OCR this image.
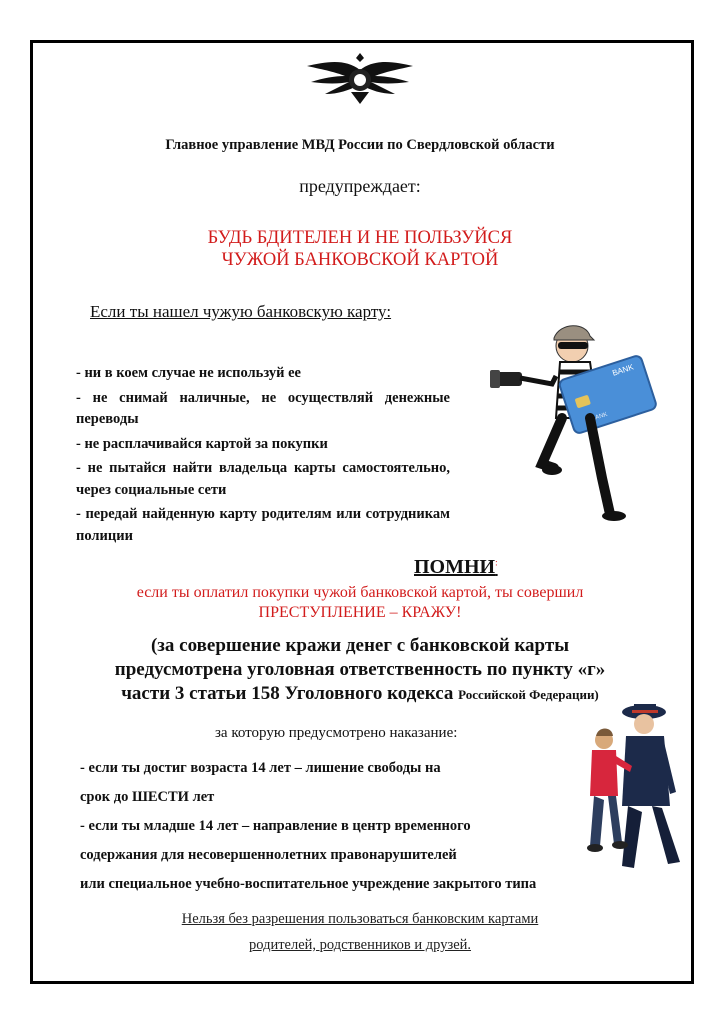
Главное управление МВД России по Свердловской области
предупреждает:
БУДЬ БДИТЕЛЕН И НЕ ПОЛЬЗУЙСЯ
ЧУЖОЙ БАНКОВСКОЙ КАРТОЙ
Если ты нашел чужую банковскую карту:
- ни в коем случае не используй ее
- не снимай наличные, не осуществляй денежные переводы
- не расплачивайся картой за покупки
- не пытайся найти владельца карты самостоятельно, через социальные сети
- передай найденную карту родителям или сотрудникам полиции
BANK
BANK
ПОМНИ:
если ты оплатил покупки чужой банковской картой, ты совершил
ПРЕСТУПЛЕНИЕ – КРАЖУ!
(за совершение кражи денег с банковской карты
предусмотрена уголовная ответственность по пункту «г»
части 3 статьи 158 Уголовного кодекса Российской Федерации)
за которую предусмотрено наказание:
- если ты достиг возраста 14 лет – лишение свободы на
срок до ШЕСТИ лет
- если ты младше 14 лет – направление в центр временного
содержания для несовершеннолетних правонарушителей
или специальное учебно-воспитательное учреждение закрытого типа
Нельзя без разрешения пользоваться банковским картами
родителей, родственников и друзей.
